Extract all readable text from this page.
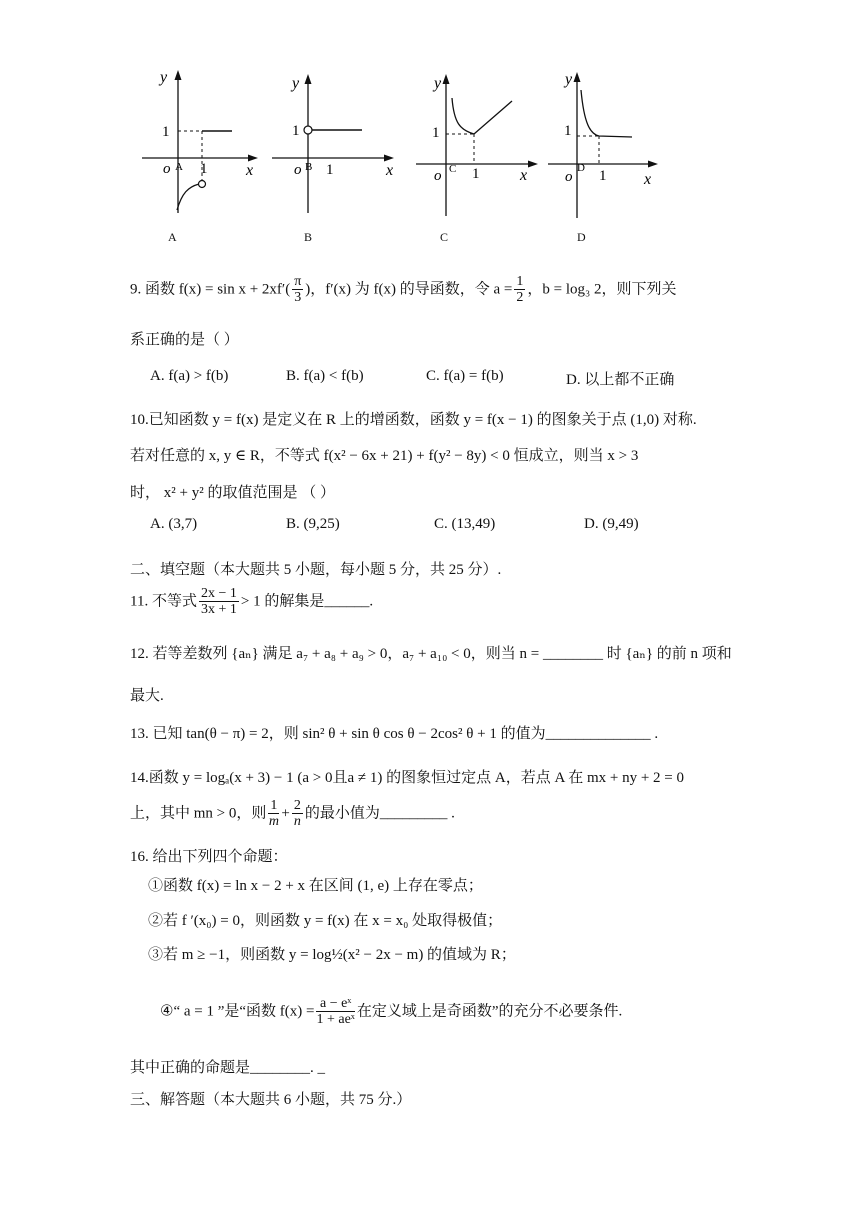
y
1
o A 1 x
A
y
1
o B 1	x
B
y
1
o C 1	x
C
y
1
o
D 1 x
D
9. 函数 $f(x) = \sin x + 2xf'( \frac{\pi}{3}$ )，f′(x) 为 f(x) 的导函数，令 $a = \frac{1}{2}$ ，b = log₃ 2，则下列关
系正确的是（ ）
A. f(a) > f(b)	B. f(a) < f(b)	C. f(a) = f(b)	D. 以上都不正确
10.已知函数 y = f(x) 是定义在 R 上的增函数，函数 y = f(x − 1) 的图象关于点 (1,0) 对称.
若对任意的 x, y ∈ R，不等式 f(x² − 6x + 21) + f(y² − 8y) < 0 恒成立，则当 x > 3
时， x² + y² 的取值范围是 （ ）
A. (3,7)	B. (9,25)	C. (13,49)	D. (9,49)
二、填空题（本大题共 5 小题，每小题 5 分，共 25 分）.
11. 不等式 $\frac{2x - 1}{3x + 1} > 1$ 的解集是______.
12. 若等差数列 {aₙ} 满足 a₇ + a₈ + a₉ > 0，a₇ + a₁₀ < 0，则当 n = ________ 时 {aₙ} 的前 n 项和
最大.
13. 已知 tan(θ − π) = 2，则 sin² θ + sin θ cos θ − 2cos² θ + 1 的值为______________ .
14.函数 y = logₐ(x + 3) − 1 (a > 0且a ≠ 1) 的图象恒过定点 A，若点 A 在 mx + ny + 2 = 0
上，其中 mn > 0，则 $\frac{1}{m} + \frac{2}{n}$ 的最小值为_________ .
16. 给出下列四个命题：
①函数 f(x) = ln x − 2 + x 在区间 (1, e) 上存在零点；
②若 f ′(x₀) = 0，则函数 y = f(x) 在 x = x₀ 处取得极值；
③若 m ≥ −1，则函数 y = log½(x² − 2x − m) 的值域为 R；
④“ a = 1 ”是“函数 $f(x) = \frac{\text{a − eˣ}}{\text{1 + aeˣ}}$ 在定义域上是奇函数”的充分不必要条件.
其中正确的命题是________. _
三、解答题（本大题共 6 小题，共 75 分.）
